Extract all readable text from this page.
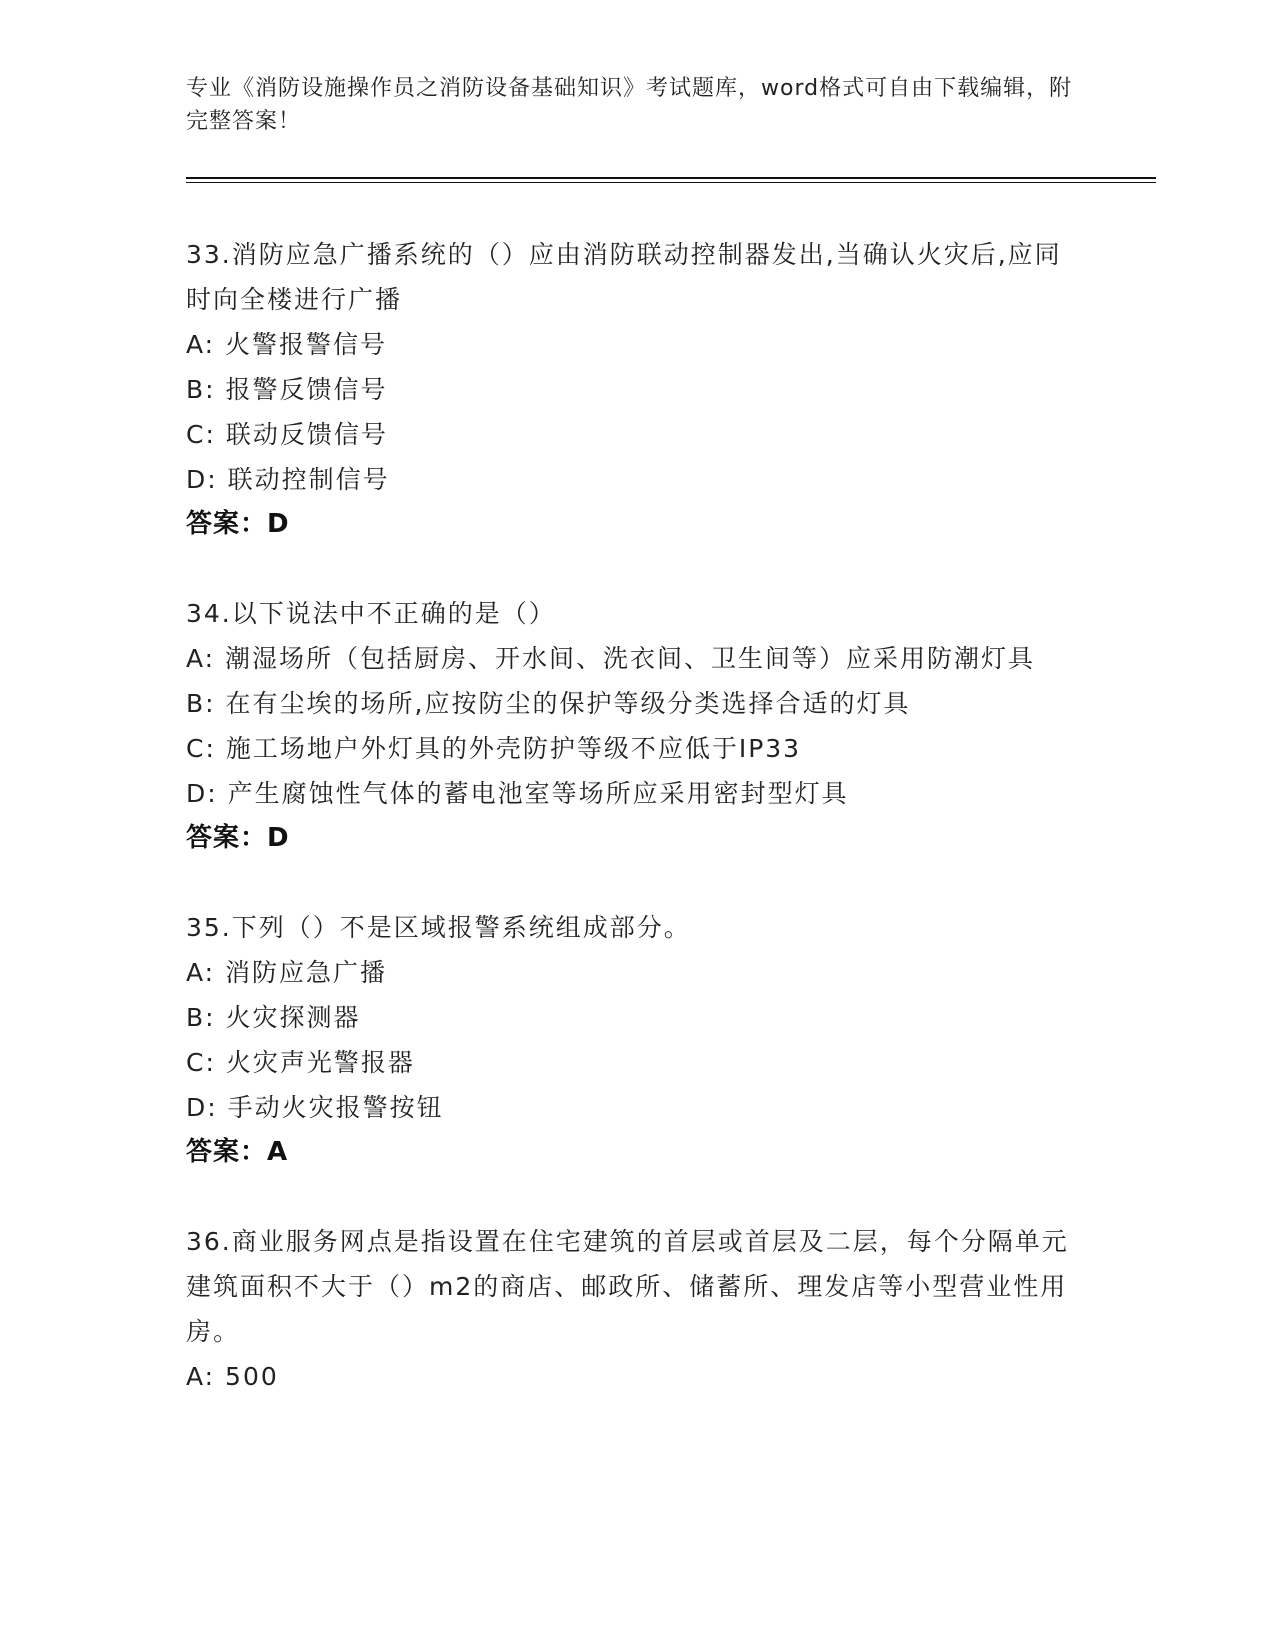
专业《消防设施操作员之消防设备基础知识》考试题库，word格式可自由下载编辑，附完整答案！

33.消防应急广播系统的（）应由消防联动控制器发出,当确认火灾后,应同时向全楼进行广播

A: 火警报警信号

B: 报警反馈信号

C: 联动反馈信号

D: 联动控制信号

答案：D

34.以下说法中不正确的是（）

A: 潮湿场所（包括厨房、开水间、洗衣间、卫生间等）应采用防潮灯具

B: 在有尘埃的场所,应按防尘的保护等级分类选择合适的灯具

C: 施工场地户外灯具的外壳防护等级不应低于IP33

D: 产生腐蚀性气体的蓄电池室等场所应采用密封型灯具

答案：D

35.下列（）不是区域报警系统组成部分。

A: 消防应急广播

B: 火灾探测器

C: 火灾声光警报器

D: 手动火灾报警按钮

答案：A

36.商业服务网点是指设置在住宅建筑的首层或首层及二层，每个分隔单元建筑面积不大于（）m2的商店、邮政所、储蓄所、理发店等小型营业性用房。

A: 500
